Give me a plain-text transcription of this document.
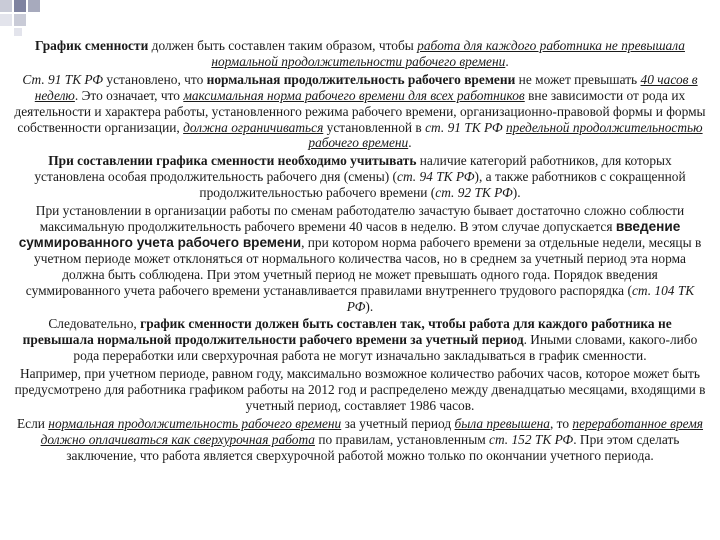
График сменности должен быть составлен таким образом, чтобы работа для каждого работника не превышала нормальной продолжительности рабочего времени.

Ст. 91 ТК РФ установлено, что нормальная продолжительность рабочего времени не может превышать 40 часов в неделю. Это означает, что максимальная норма рабочего времени для всех работников вне зависимости от рода их деятельности и характера работы, установленного режима рабочего времени, организационно-правовой формы и формы собственности организации, должна ограничиваться установленной в ст. 91 ТК РФ предельной продолжительностью рабочего времени.

При составлении графика сменности необходимо учитывать наличие категорий работников, для которых установлена особая продолжительность рабочего дня (смены) (ст. 94 ТК РФ), а также работников с сокращенной продолжительностью рабочего времени (ст. 92 ТК РФ).

При установлении в организации работы по сменам работодателю зачастую бывает достаточно сложно соблюсти максимальную продолжительность рабочего времени 40 часов в неделю. В этом случае допускается введение суммированного учета рабочего времени, при котором норма рабочего времени за отдельные недели, месяцы в учетном периоде может отклоняться от нормального количества часов, но в среднем за учетный период эта норма должна быть соблюдена. При этом учетный период не может превышать одного года. Порядок введения суммированного учета рабочего времени устанавливается правилами внутреннего трудового распорядка (ст. 104 ТК РФ).

Следовательно, график сменности должен быть составлен так, чтобы работа для каждого работника не превышала нормальной продолжительности рабочего времени за учетный период. Иными словами, какого-либо рода переработки или сверхурочная работа не могут изначально закладываться в график сменности.

Например, при учетном периоде, равном году, максимально возможное количество рабочих часов, которое может быть предусмотрено для работника графиком работы на 2012 год и распределено между двенадцатью месяцами, входящими в учетный период, составляет 1986 часов.

Если нормальная продолжительность рабочего времени за учетный период была превышена, то переработанное время должно оплачиваться как сверхурочная работа по правилам, установленным ст. 152 ТК РФ. При этом сделать заключение, что работа является сверхурочной работой можно только по окончании учетного периода.
